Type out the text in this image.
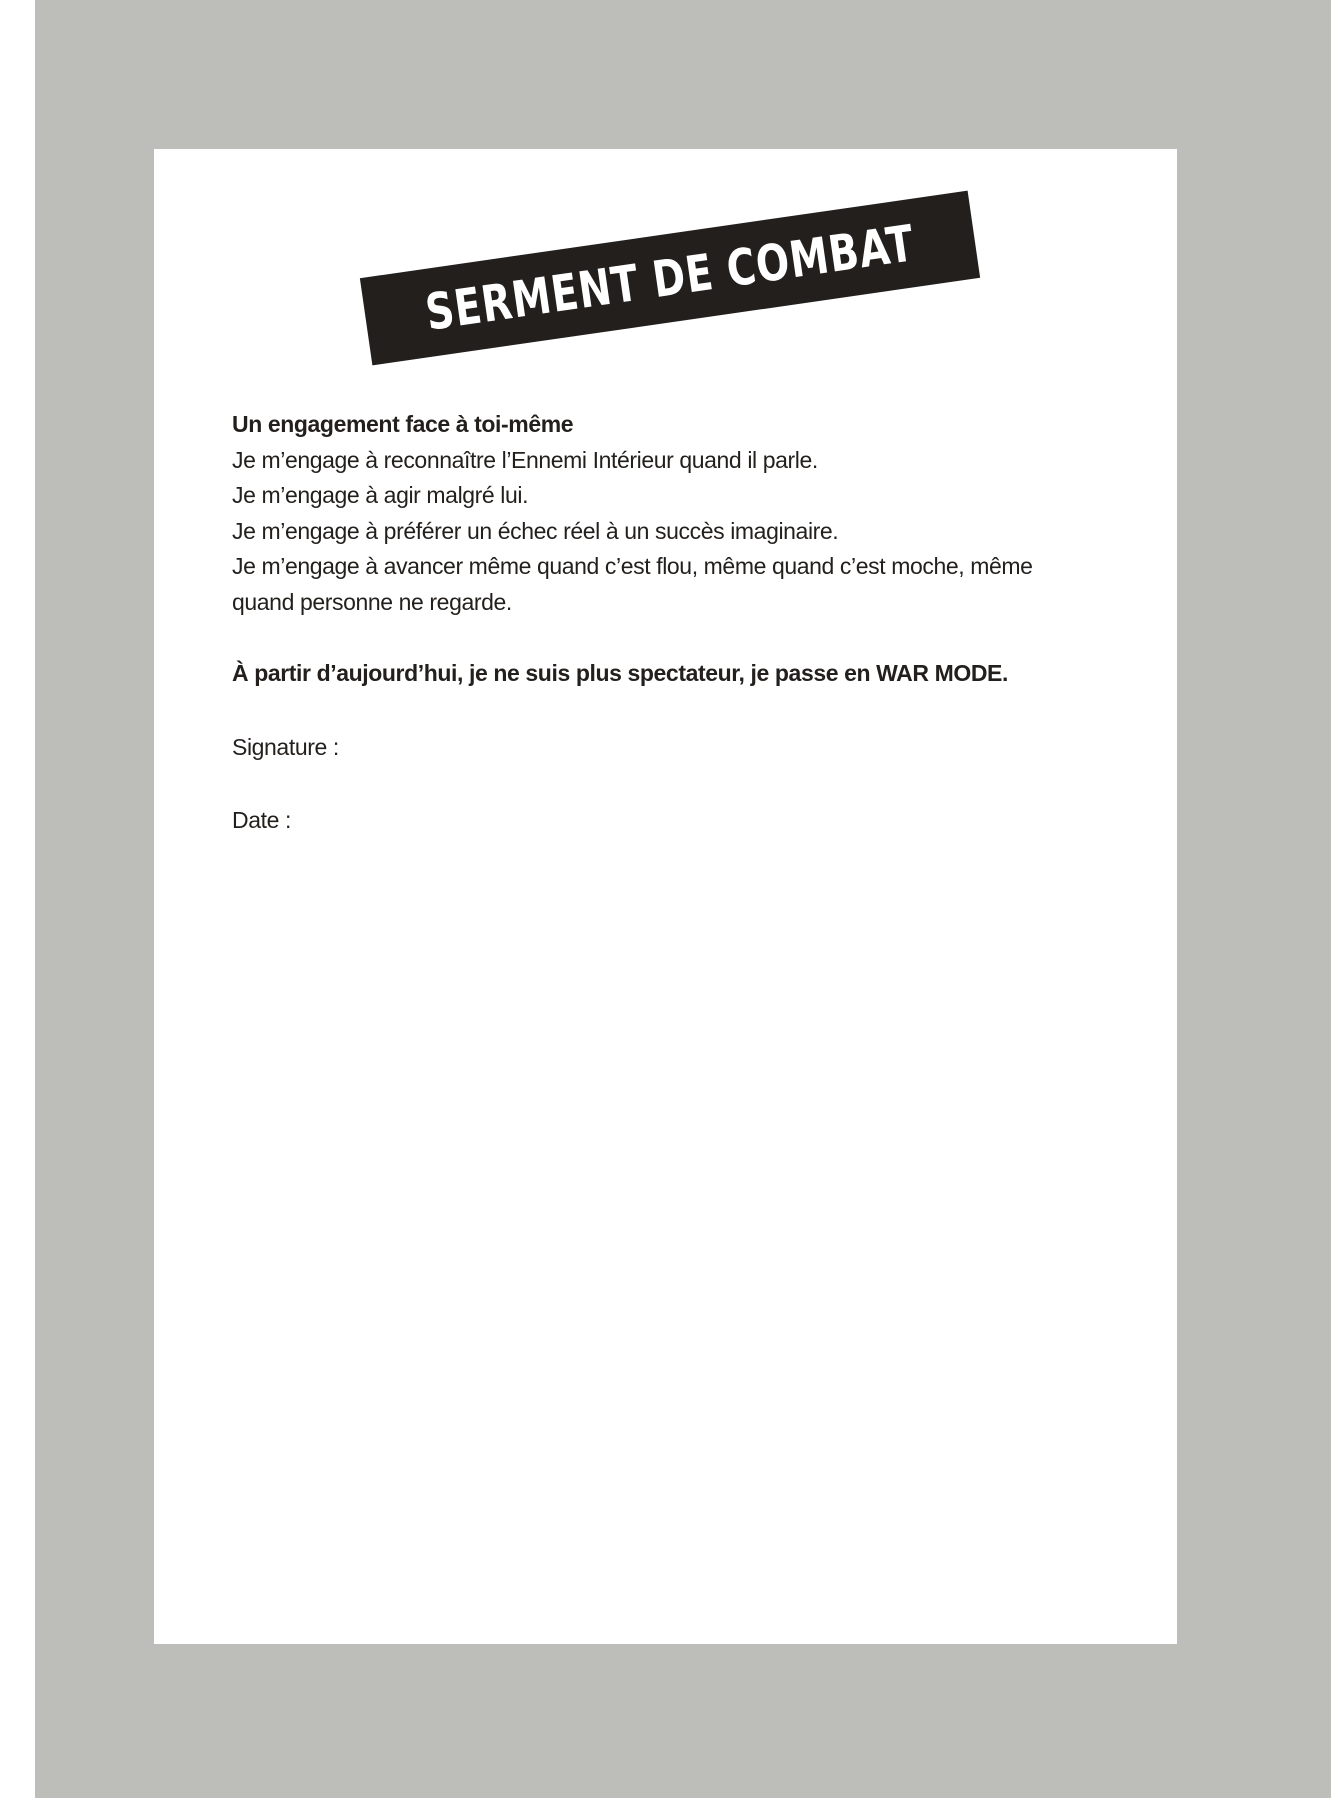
SERMENT DE COMBAT

Un engagement face à toi-même

Je m’engage à reconnaître l’Ennemi Intérieur quand il parle.

Je m’engage à agir malgré lui.

Je m’engage à préférer un échec réel à un succès imaginaire.

Je m’engage à avancer même quand c’est flou, même quand c’est moche, même

quand personne ne regarde.

À partir d’aujourd’hui, je ne suis plus spectateur, je passe en WAR MODE.

Signature :

Date :
